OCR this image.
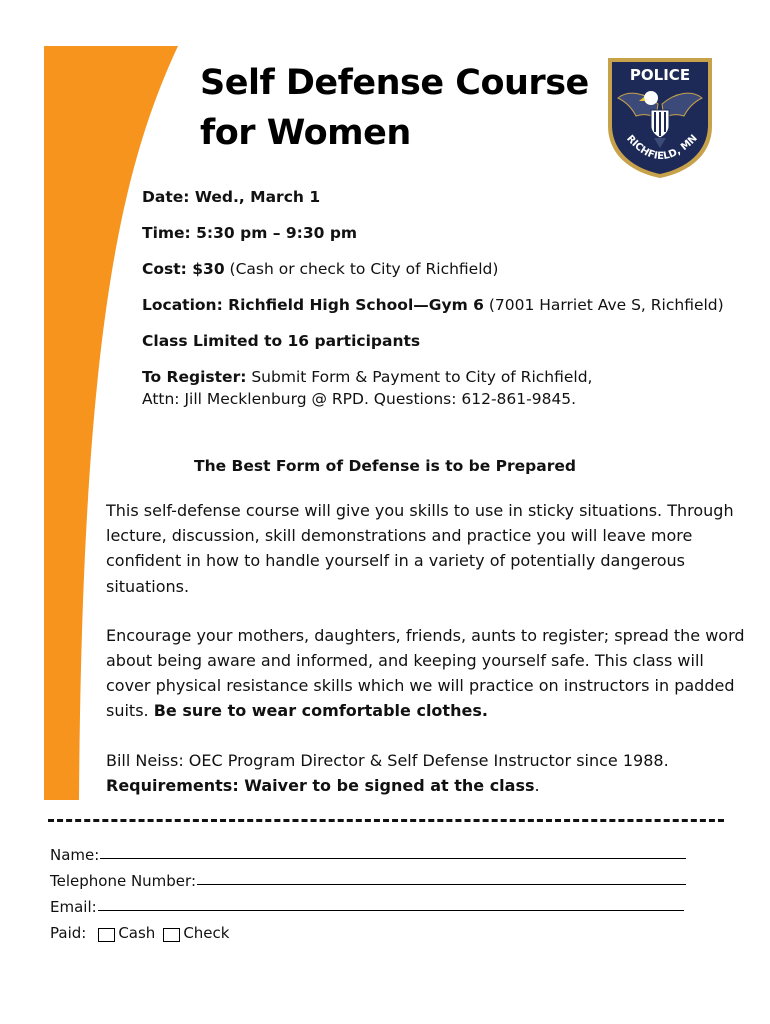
Self Defense Course
for Women
POLICE
RICHFIELD, MN

Date: Wed., March 1

Time: 5:30 pm – 9:30 pm

Cost: $30 (Cash or check to City of Richfield)

Location: Richfield High School—Gym 6 (7001 Harriet Ave S, Richfield)

Class Limited to 16 participants

To Register: Submit Form & Payment to City of Richfield,
Attn: Jill Mecklenburg @ RPD. Questions: 612-861-9845.

The Best Form of Defense is to be Prepared

This self-defense course will give you skills to use in sticky situations. Through lecture, discussion, skill demonstrations and practice you will leave more confident in how to handle yourself in a variety of potentially dangerous situations.

Encourage your mothers, daughters, friends, aunts to register; spread the word about being aware and informed, and keeping yourself safe. This class will cover physical resistance skills which we will practice on instructors in padded suits. Be sure to wear comfortable clothes.

Bill Neiss: OEC Program Director & Self Defense Instructor since 1988.
Requirements: Waiver to be signed at the class.

Name:
Telephone Number:
Email:
Paid: Cash Check
